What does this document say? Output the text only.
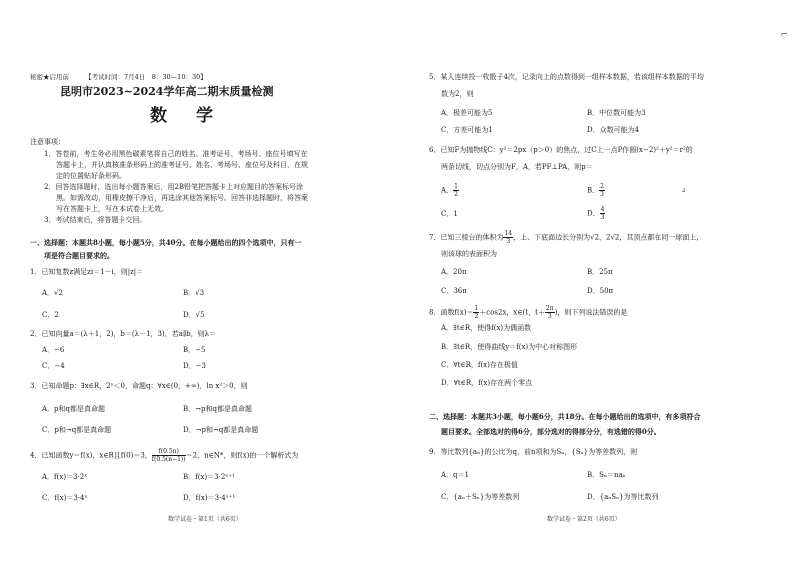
⌐
秘密★启用前 【考试时间：7月4日　8：30—10：30】
昆明市2023~2024学年高二期末质量检测
数　学
注意事项：
1．答卷前，考生务必用黑色碳素笔将自己的姓名、准考证号、考场号、座位号填写在
答题卡上，并认真核准条形码上的准考证号、姓名、考场号、座位号及科目，在规
定的位置贴好条形码。
2．回答选择题时，选出每小题答案后，用2B铅笔把答题卡上对应题目的答案标号涂
黑。如需改动，用橡皮擦干净后，再选涂其他答案标号。回答非选择题时，将答案
写在答题卡上，写在本试卷上无效。
3．考试结束后，将答题卡交回。
一、选择题：本题共8小题，每小题5分，共40分。在每小题给出的四个选项中，只有一
项是符合题目要求的。
1．已知复数z满足zi＝1－i，则|z|＝
A．√2	B．√3
C．2	D．√5
2．已知向量a＝(λ＋1，2)，b＝(λ－1，3)，若a∥b，则λ＝
A．−6	B．−5
C．−4	D．−3
3．已知命题p：∃x∈R，2ˣ＜0，命题q：∀x∈(0，+∞)，ln x²＞0，则
A．p和q都是真命题	B．¬p和q都是真命题
C．p和¬q都是真命题	D．¬p和¬q都是真命题
4．已知函数y＝f(x)，x∈R且f(0)＝3， $\frac{f(0.5n)}{f(0.5(n-1))}=2$，n∈N*，则f(x)的一个解析式为
A．f(x)＝3·2ˣ	B．f(x)＝3·2ˣ⁺¹
C．f(x)＝3·4ˣ	D．f(x)＝3·4ˣ⁺¹
数学试卷・第1页（共6页）
5．某人连续投一枚骰子4次，记录向上的点数得到一组样本数据，若该组样本数据的平均
数为2，则
A．极差可能为5	B．中位数可能为3
C．方差可能为1	D．众数可能为4
6．已知F为抛物线C：y²＝2px（p＞0）的焦点，过C上一点P作圆(x−2)²＋y²＝r²的
两条切线，切点分别为F，A，若PF⊥PA，则p＝
A． $\frac{1}{2}$	B． $\frac{2}{3}$	ɹ
C．1	D． $\frac{4}{3}$
7．已知三棱台的体积为 $\frac{14}{3}$，上、下底面边长分别为√2，2√2，其顶点都在同一球面上，
则该球的表面积为
A．20π	B．25π
C．36π	D．50π
8．函数$f(x)= \frac{1}{2}+\cos 2x$，x∈(t，$t+ \frac{2\pi}{3}$)，则下列说法错误的是
A．∃t∈R，使得f(x)为偶函数
B．∃t∈R，使得曲线y＝f(x)为中心对称图形
C．∀t∈R，f(x)存在极值
D．∀t∈R，f(x)存在两个零点
二、选择题：本题共3小题，每小题6分，共18分。在每小题给出的选项中，有多项符合
题目要求。全部选对的得6分，部分选对的得部分分，有选错的得0分。
9．等比数列{aₙ}的公比为q，前n项和为Sₙ，{Sₙ}为等差数列，则
A．q＝1	B．Sₙ＝naₙ
C．{aₙ＋Sₙ}为等差数列	D．{aₙSₙ}为等比数列
数学试卷・第2页（共6页）
